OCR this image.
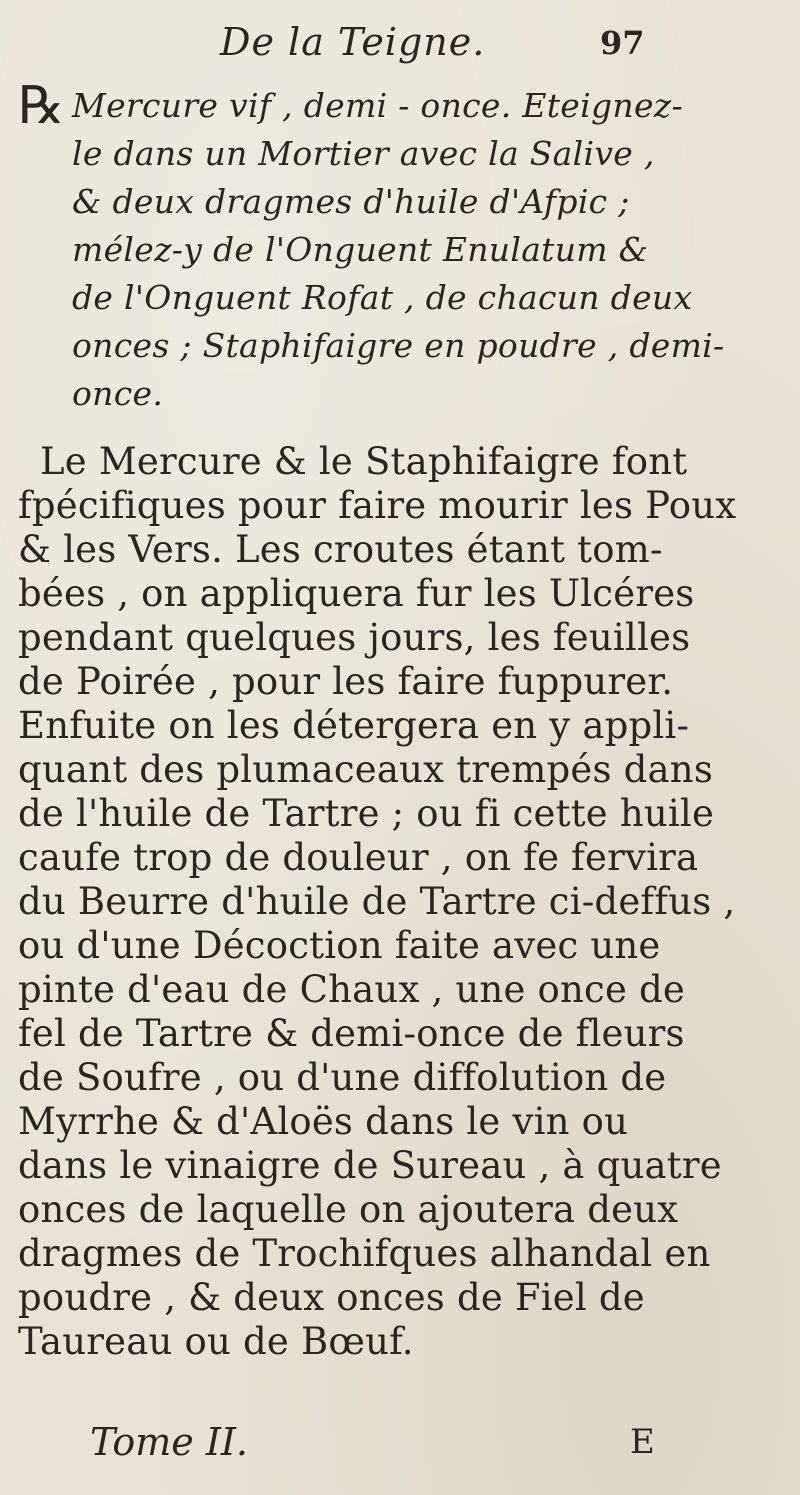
De la Teigne.	97
℞ Mercure vif , demi - once. Eteignez-
le dans un Mortier avec la Salive ,
& deux dragmes d'huile d'Afpic ;
mélez-y de l'Onguent Enulatum &
de l'Onguent Rofat , de chacun deux
onces ; Staphifaigre en poudre , demi-
once.
Le Mercure & le Staphifaigre font
fpécifiques pour faire mourir les Poux
& les Vers. Les croutes étant tom-
bées , on appliquera fur les Ulcéres
pendant quelques jours, les feuilles
de Poirée , pour les faire fuppurer.
Enfuite on les détergera en y appli-
quant des plumaceaux trempés dans
de l'huile de Tartre ; ou fi cette huile
caufe trop de douleur , on fe fervira
du Beurre d'huile de Tartre ci-deffus ,
ou d'une Décoction faite avec une
pinte d'eau de Chaux , une once de
fel de Tartre & demi-once de fleurs
de Soufre , ou d'une diffolution de
Myrrhe & d'Aloës dans le vin ou
dans le vinaigre de Sureau , à quatre
onces de laquelle on ajoutera deux
dragmes de Trochifques alhandal en
poudre , & deux onces de Fiel de
Taureau ou de Bœuf.
Tome II.	E
